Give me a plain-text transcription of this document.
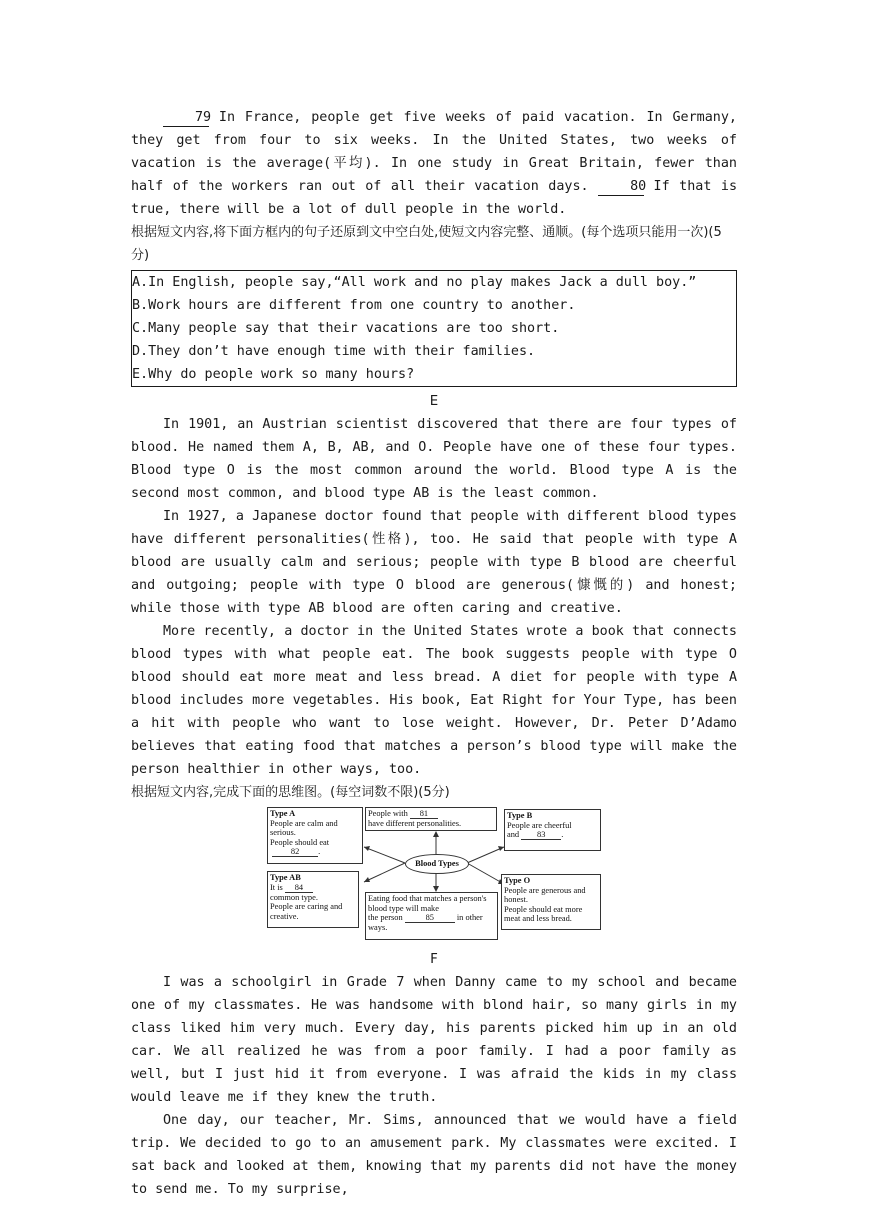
79 In France, people get five weeks of paid vacation. In Germany, they get from four to six weeks. In the United States, two weeks of vacation is the average(平均). In one study in Great Britain, fewer than half of the workers ran out of all their vacation days.	80 If that is true, there will be a lot of dull people in the world.

根据短文内容,将下面方框内的句子还原到文中空白处,使短文内容完整、通顺。(每个选项只能用一次)(5分)

A.In English, people say,“All work and no play makes Jack a dull boy.”

B.Work hours are different from one country to another.

C.Many people say that their vacations are too short.

D.They don’t have enough time with their families.

E.Why do people work so many hours?

E

In 1901, an Austrian scientist discovered that there are four types of blood. He named them A, B, AB, and O. People have one of these four types. Blood type O is the most common around the world. Blood type A is the second most common, and blood type AB is the least common.

In 1927, a Japanese doctor found that people with different blood types have different personalities(性格), too. He said that people with type A blood are usually calm and serious; people with type B blood are cheerful and outgoing; people with type O blood are generous(慷慨的) and honest; while those with type AB blood are often caring and creative.

More recently, a doctor in the United States wrote a book that connects blood types with what people eat. The book suggests people with type O blood should eat more meat and less bread. A diet for people with type A blood includes more vegetables. His book, Eat Right for Your Type, has been a hit with people who want to lose weight. However, Dr. Peter D’Adamo believes that eating food that matches a person’s blood type will make the person healthier in other ways, too.

根据短文内容,完成下面的思维图。(每空词数不限)(5分)

Type A
People are calm and serious.
People should eat
82 .
People with 81
have different personalities.
Type B
People are cheerful
and 83 .
Blood Types
Type AB
It is 84
common type.
People are caring and creative.
Eating food that matches a person's blood type will make
the person	85	in other ways.
Type O
People are generous and honest.
People should eat more meat and less bread.

F

I was a schoolgirl in Grade 7 when Danny came to my school and became one of my classmates. He was handsome with blond hair, so many girls in my class liked him very much. Every day, his parents picked him up in an old car. We all realized he was from a poor family. I had a poor family as well, but I just hid it from everyone. I was afraid the kids in my class would leave me if they knew the truth.

One day, our teacher, Mr. Sims, announced that we would have a field trip. We decided to go to an amusement park. My classmates were excited. I sat back and looked at them, knowing that my parents did not have the money to send me. To my surprise,
